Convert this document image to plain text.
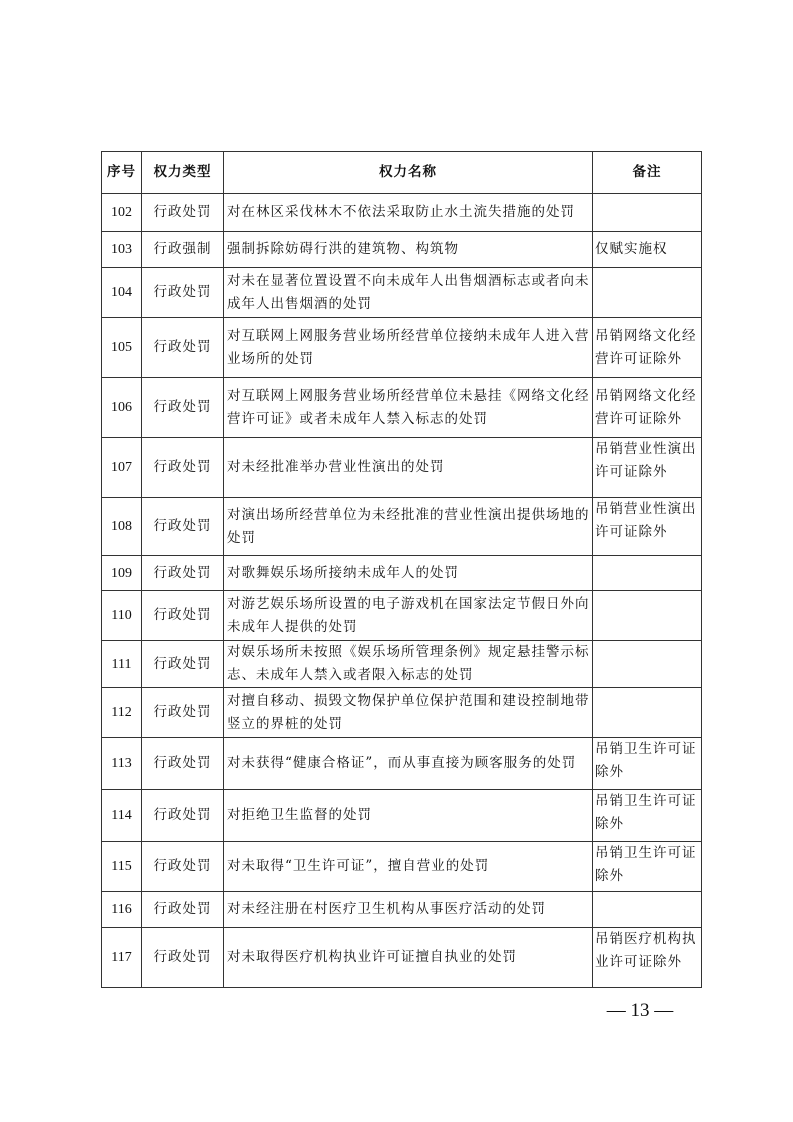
序号	权力类型	权力名称	备注
102	行政处罚	对在林区采伐林木不依法采取防止水土流失措施的处罚	
103	行政强制	强制拆除妨碍行洪的建筑物、构筑物	仅赋实施权
104	行政处罚	对未在显著位置设置不向未成年人出售烟酒标志或者向未成年人出售烟酒的处罚	
105	行政处罚	对互联网上网服务营业场所经营单位接纳未成年人进入营业场所的处罚	吊销网络文化经营许可证除外
106	行政处罚	对互联网上网服务营业场所经营单位未悬挂《网络文化经营许可证》或者未成年人禁入标志的处罚	吊销网络文化经营许可证除外
107	行政处罚	对未经批准举办营业性演出的处罚	吊销营业性演出许可证除外
108	行政处罚	对演出场所经营单位为未经批准的营业性演出提供场地的处罚	吊销营业性演出许可证除外
109	行政处罚	对歌舞娱乐场所接纳未成年人的处罚	
110	行政处罚	对游艺娱乐场所设置的电子游戏机在国家法定节假日外向未成年人提供的处罚	
111	行政处罚	对娱乐场所未按照《娱乐场所管理条例》规定悬挂警示标志、未成年人禁入或者限入标志的处罚	
112	行政处罚	对擅自移动、损毁文物保护单位保护范围和建设控制地带竖立的界桩的处罚	
113	行政处罚	对未获得“健康合格证”，而从事直接为顾客服务的处罚	吊销卫生许可证除外
114	行政处罚	对拒绝卫生监督的处罚	吊销卫生许可证除外
115	行政处罚	对未取得“卫生许可证”，擅自营业的处罚	吊销卫生许可证除外
116	行政处罚	对未经注册在村医疗卫生机构从事医疗活动的处罚	
117	行政处罚	对未取得医疗机构执业许可证擅自执业的处罚	吊销医疗机构执业许可证除外
— 13 —
